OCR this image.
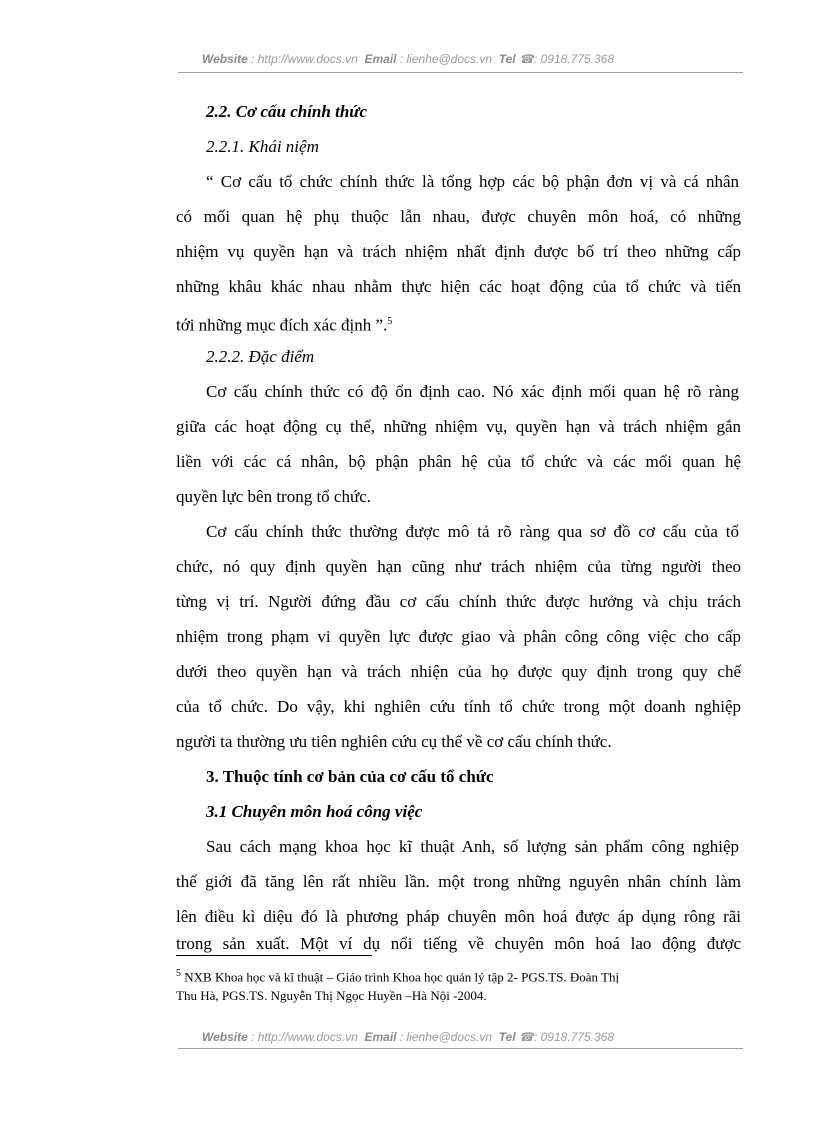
Website : http://www.docs.vn Email : lienhe@docs.vn Tel ☎: 0918.775.368
2.2. Cơ cấu chính thức
2.2.1. Khái niệm
“ Cơ cấu tổ chức chính thức là tổng hợp các bộ phận đơn vị và cá nhân
có mối quan hệ phụ thuộc lẫn nhau, được chuyên môn hoá, có những
nhiệm vụ quyền hạn và trách nhiệm nhất định được bố trí theo những cấp
những khâu khác nhau nhằm thực hiện các hoạt động của tổ chức và tiến
tới những mục đích xác định ”.$^5$
2.2.2. Đặc điểm
Cơ cấu chính thức có độ ổn định cao. Nó xác định mối quan hệ rõ ràng
giữa các hoạt động cụ thể, những nhiệm vụ, quyền hạn và trách nhiệm gắn
liền với các cá nhân, bộ phận phân hệ của tổ chức và các mối quan hệ
quyền lực bên trong tổ chức.
Cơ cấu chính thức thường được mô tả rõ ràng qua sơ đồ cơ cấu của tổ
chức, nó quy định quyền hạn cũng như trách nhiệm của từng người theo
từng vị trí. Người đứng đầu cơ cấu chính thức được hưởng và chịu trách
nhiệm trong phạm vi quyền lực được giao và phân công công việc cho cấp
dưới theo quyền hạn và trách nhiện của họ được quy định trong quy chế
của tổ chức. Do vậy, khi nghiên cứu tính tổ chức trong một doanh nghiệp
người ta thường ưu tiên nghiên cứu cụ thể về cơ cấu chính thức.
3. Thuộc tính cơ bản của cơ cấu tổ chức
3.1 Chuyên môn hoá công việc
Sau cách mạng khoa học kĩ thuật Anh, số lượng sản phẩm công nghiệp
thế giới đã tăng lên rất nhiều lần. một trong những nguyên nhân chính làm
lên điều kì diệu đó là phương pháp chuyên môn hoá được áp dụng rông rãi
trong sản xuất. Một ví dụ nổi tiếng về chuyên môn hoá lao động được
$^5$ NXB Khoa học và kĩ thuật – Giáo trình Khoa học quản lý tập 2- PGS.TS. Đoàn Thị
Thu Hà, PGS.TS. Nguyễn Thị Ngọc Huyền –Hà Nội -2004.
Website : http://www.docs.vn Email : lienhe@docs.vn Tel ☎: 0918.775.368
